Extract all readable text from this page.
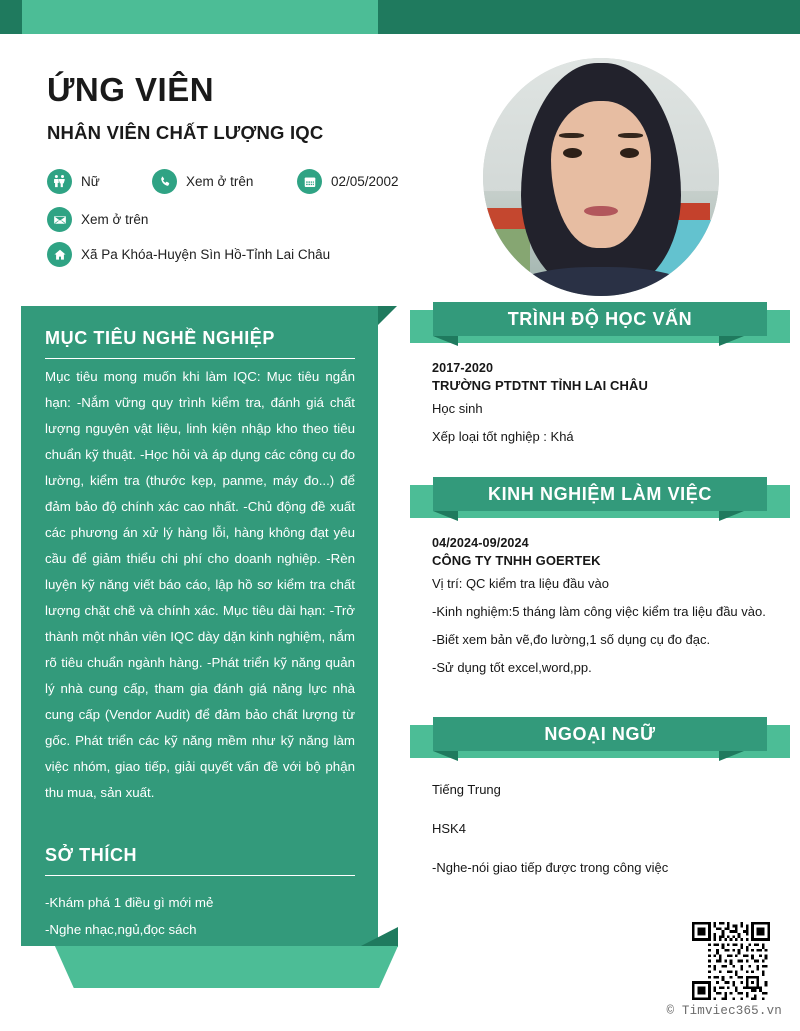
ỨNG VIÊN
NHÂN VIÊN CHẤT LƯỢNG IQC
Nữ	Xem ở trên	02/05/2002
Xem ở trên
Xã Pa Khóa-Huyện Sìn Hồ-Tỉnh Lai Châu
MỤC TIÊU NGHỀ NGHIỆP
Mục tiêu mong muốn khi làm IQC: Mục tiêu ngắn hạn: -Nắm vững quy trình kiểm tra, đánh giá chất lượng nguyên vật liệu, linh kiện nhập kho theo tiêu chuẩn kỹ thuật. -Học hỏi và áp dụng các công cụ đo lường, kiểm tra (thước kẹp, panme, máy đo...) để đảm bảo độ chính xác cao nhất. -Chủ động đề xuất các phương án xử lý hàng lỗi, hàng không đạt yêu cầu để giảm thiểu chi phí cho doanh nghiệp. -Rèn luyện kỹ năng viết báo cáo, lập hồ sơ kiểm tra chất lượng chặt chẽ và chính xác. Mục tiêu dài hạn: -Trở thành một nhân viên IQC dày dặn kinh nghiệm, nắm rõ tiêu chuẩn ngành hàng. -Phát triển kỹ năng quản lý nhà cung cấp, tham gia đánh giá năng lực nhà cung cấp (Vendor Audit) để đảm bảo chất lượng từ gốc. Phát triển các kỹ năng mềm như kỹ năng làm việc nhóm, giao tiếp, giải quyết vấn đề với bộ phận thu mua, sản xuất.
SỞ THÍCH
-Khám phá 1 điều gì mới mẻ
-Nghe nhạc,ngủ,đọc sách
TRÌNH ĐỘ HỌC VẤN
2017-2020
TRƯỜNG PTDTNT TỈNH LAI CHÂU
Học sinh
Xếp loại tốt nghiệp : Khá
KINH NGHIỆM LÀM VIỆC
04/2024-09/2024
CÔNG TY TNHH GOERTEK
Vị trí: QC kiểm tra liệu đầu vào
-Kinh nghiệm:5 tháng làm công việc kiểm tra liệu đầu vào.
-Biết xem bản vẽ,đo lường,1 số dụng cụ đo đạc.
-Sử dụng tốt excel,word,pp.
NGOẠI NGỮ
Tiếng Trung
HSK4
-Nghe-nói giao tiếp được trong công việc
© Timviec365.vn
